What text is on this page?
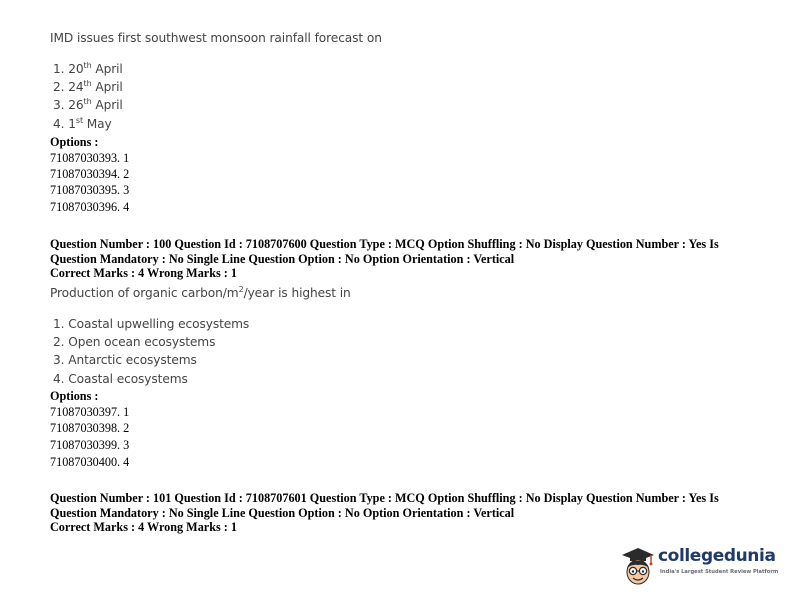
IMD issues first southwest monsoon rainfall forecast on
1. 20th April
2. 24th April
3. 26th April
4. 1st May
Options :
71087030393. 1
71087030394. 2
71087030395. 3
71087030396. 4
Question Number : 100 Question Id : 7108707600 Question Type : MCQ Option Shuffling : No Display Question Number : Yes Is
Question Mandatory : No Single Line Question Option : No Option Orientation : Vertical
Correct Marks : 4 Wrong Marks : 1
Production of organic carbon/$m^2$/year is highest in
1. Coastal upwelling ecosystems
2. Open ocean ecosystems
3. Antarctic ecosystems
4. Coastal ecosystems
Options :
71087030397. 1
71087030398. 2
71087030399. 3
71087030400. 4
Question Number : 101 Question Id : 7108707601 Question Type : MCQ Option Shuffling : No Display Question Number : Yes Is
Question Mandatory : No Single Line Question Option : No Option Orientation : Vertical
Correct Marks : 4 Wrong Marks : 1
collegedunia
India's Largest Student Review Platform
